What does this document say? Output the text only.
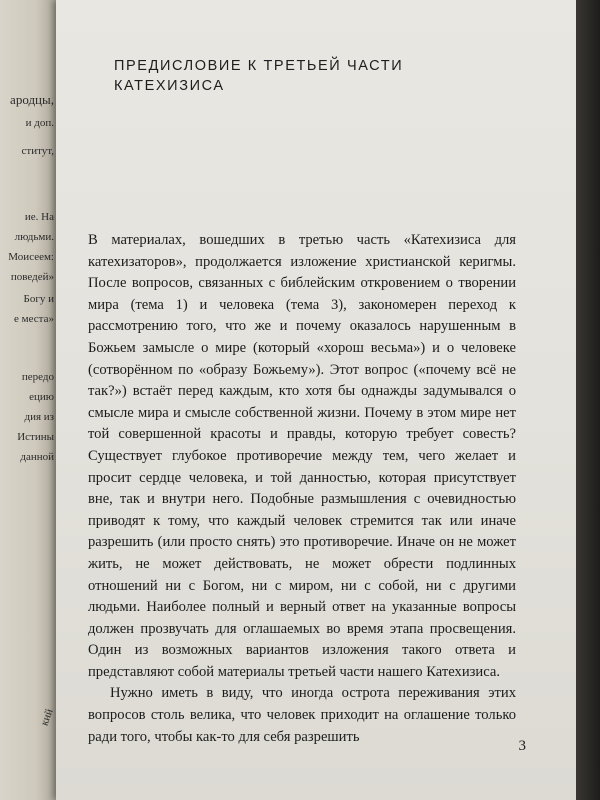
ародцы,
и доп.
ститут,
ие. На
людьми.
Моисеем:
поведей»
Богу и
е места»
передо
ецию
дия из
Истины
данной
кий
ПРЕДИСЛОВИЕ К ТРЕТЬЕЙ ЧАСТИ
КАТЕХИЗИСА

В материалах, вошедших в третью часть «Катехизиса для катехизаторов», продолжается изложение христианской керигмы. После вопросов, связанных с библейским откровением о творении мира (тема 1) и человека (тема 3), закономерен переход к рассмотрению того, что же и почему оказалось нарушенным в Божьем замысле о мире (который «хорош весьма») и о человеке (сотворённом по «образу Божьему»). Этот вопрос («почему всё не так?») встаёт перед каждым, кто хотя бы однажды задумывался о смысле мира и смысле собственной жизни. Почему в этом мире нет той совершенной красоты и правды, которую требует совесть? Существует глубокое противоречие между тем, чего желает и просит сердце человека, и той данностью, которая присутствует вне, так и внутри него. Подобные размышления с очевидностью приводят к тому, что каждый человек стремится так или иначе разрешить (или просто снять) это противоречие. Иначе он не может жить, не может действовать, не может обрести подлинных отношений ни с Богом, ни с миром, ни с собой, ни с другими людьми. Наиболее полный и верный ответ на указанные вопросы должен прозвучать для оглашаемых во время этапа просвещения. Один из возможных вариантов изложения такого ответа и представляют собой материалы третьей части нашего Катехизиса.

Нужно иметь в виду, что иногда острота переживания этих вопросов столь велика, что человек приходит на оглашение только ради того, чтобы как-то для себя разрешить

3
